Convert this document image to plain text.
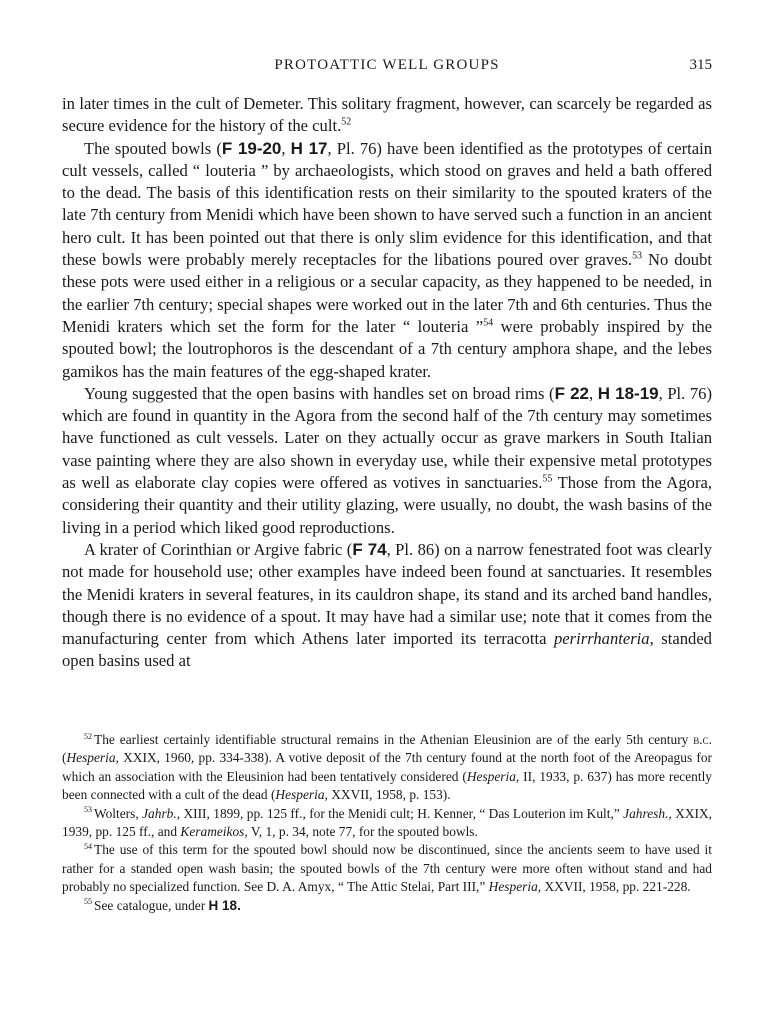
PROTOATTIC WELL GROUPS	315

in later times in the cult of Demeter. This solitary fragment, however, can scarcely be regarded as secure evidence for the history of the cult.$^{52}$

The spouted bowls (F 19-20, H 17, Pl. 76) have been identified as the prototypes of certain cult vessels, called “ louteria ” by archaeologists, which stood on graves and held a bath offered to the dead. The basis of this identification rests on their similarity to the spouted kraters of the late 7th century from Menidi which have been shown to have served such a function in an ancient hero cult. It has been pointed out that there is only slim evidence for this identification, and that these bowls were probably merely receptacles for the libations poured over graves.$^{53}$ No doubt these pots were used either in a religious or a secular capacity, as they happened to be needed, in the earlier 7th century; special shapes were worked out in the later 7th and 6th centuries. Thus the Menidi kraters which set the form for the later “ louteria ”$^{54}$ were probably inspired by the spouted bowl; the loutrophoros is the descendant of a 7th century amphora shape, and the lebes gamikos has the main features of the egg-shaped krater.

Young suggested that the open basins with handles set on broad rims (F 22, H 18-19, Pl. 76) which are found in quantity in the Agora from the second half of the 7th century may sometimes have functioned as cult vessels. Later on they actually occur as grave markers in South Italian vase painting where they are also shown in everyday use, while their expensive metal prototypes as well as elaborate clay copies were offered as votives in sanctuaries.$^{55}$ Those from the Agora, considering their quantity and their utility glazing, were usually, no doubt, the wash basins of the living in a period which liked good reproductions.

A krater of Corinthian or Argive fabric (F 74, Pl. 86) on a narrow fenestrated foot was clearly not made for household use; other examples have indeed been found at sanctuaries. It resembles the Menidi kraters in several features, in its cauldron shape, its stand and its arched band handles, though there is no evidence of a spout. It may have had a similar use; note that it comes from the manufacturing center from which Athens later imported its terracotta perirrhanteria, standed open basins used at

$^{52}$ The earliest certainly identifiable structural remains in the Athenian Eleusinion are of the early 5th century b.c. (Hesperia, XXIX, 1960, pp. 334-338). A votive deposit of the 7th century found at the north foot of the Areopagus for which an association with the Eleusinion had been tentatively considered (Hesperia, II, 1933, p. 637) has more recently been connected with a cult of the dead (Hesperia, XXVII, 1958, p. 153).

$^{53}$ Wolters, Jahrb., XIII, 1899, pp. 125 ff., for the Menidi cult; H. Kenner, “ Das Louterion im Kult,” Jahresh., XXIX, 1939, pp. 125 ff., and Kerameikos, V, 1, p. 34, note 77, for the spouted bowls.

$^{54}$ The use of this term for the spouted bowl should now be discontinued, since the ancients seem to have used it rather for a standed open wash basin; the spouted bowls of the 7th century were more often without stand and had probably no specialized function. See D. A. Amyx, “ The Attic Stelai, Part III,” Hesperia, XXVII, 1958, pp. 221-228.

$^{55}$ See catalogue, under H 18.
